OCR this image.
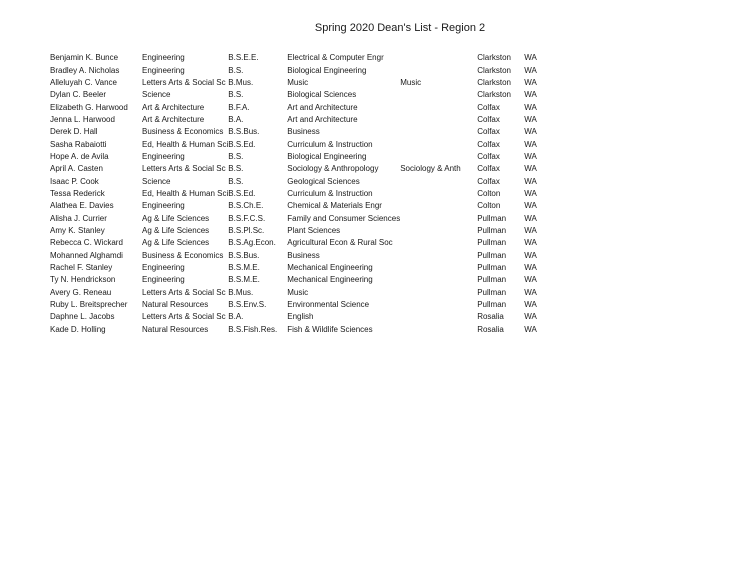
Spring 2020 Dean's List - Region 2
Benjamin K. Bunce	Engineering	B.S.E.E.	Electrical & Computer Engr		Clarkston	WA
Bradley A. Nicholas	Engineering	B.S.	Biological Engineering		Clarkston	WA
Alleluyah C. Vance	Letters Arts & Social Sc	B.Mus.	Music	Music	Clarkston	WA
Dylan C. Beeler	Science	B.S.	Biological Sciences		Clarkston	WA
Elizabeth G. Harwood	Art & Architecture	B.F.A.	Art and Architecture		Colfax	WA
Jenna L. Harwood	Art & Architecture	B.A.	Art and Architecture		Colfax	WA
Derek D. Hall	Business & Economics	B.S.Bus.	Business		Colfax	WA
Sasha Rabaiotti	Ed, Health & Human Sci	B.S.Ed.	Curriculum & Instruction		Colfax	WA
Hope A. de Avila	Engineering	B.S.	Biological Engineering		Colfax	WA
April A. Casten	Letters Arts & Social Sc	B.S.	Sociology & Anthropology	Sociology & Anth	Colfax	WA
Isaac P. Cook	Science	B.S.	Geological Sciences		Colfax	WA
Tessa Rederick	Ed, Health & Human Sci	B.S.Ed.	Curriculum & Instruction		Colton	WA
Alathea E. Davies	Engineering	B.S.Ch.E.	Chemical & Materials Engr		Colton	WA
Alisha J. Currier	Ag & Life Sciences	B.S.F.C.S.	Family and Consumer Sciences		Pullman	WA
Amy K. Stanley	Ag & Life Sciences	B.S.Pl.Sc.	Plant Sciences		Pullman	WA
Rebecca C. Wickard	Ag & Life Sciences	B.S.Ag.Econ.	Agricultural Econ & Rural Soc		Pullman	WA
Mohanned Alghamdi	Business & Economics	B.S.Bus.	Business		Pullman	WA
Rachel F. Stanley	Engineering	B.S.M.E.	Mechanical Engineering		Pullman	WA
Ty N. Hendrickson	Engineering	B.S.M.E.	Mechanical Engineering		Pullman	WA
Avery G. Reneau	Letters Arts & Social Sc	B.Mus.	Music		Pullman	WA
Ruby L. Breitsprecher	Natural Resources	B.S.Env.S.	Environmental Science		Pullman	WA
Daphne L. Jacobs	Letters Arts & Social Sc	B.A.	English		Rosalia	WA
Kade D. Holling	Natural Resources	B.S.Fish.Res.	Fish & Wildlife Sciences		Rosalia	WA
